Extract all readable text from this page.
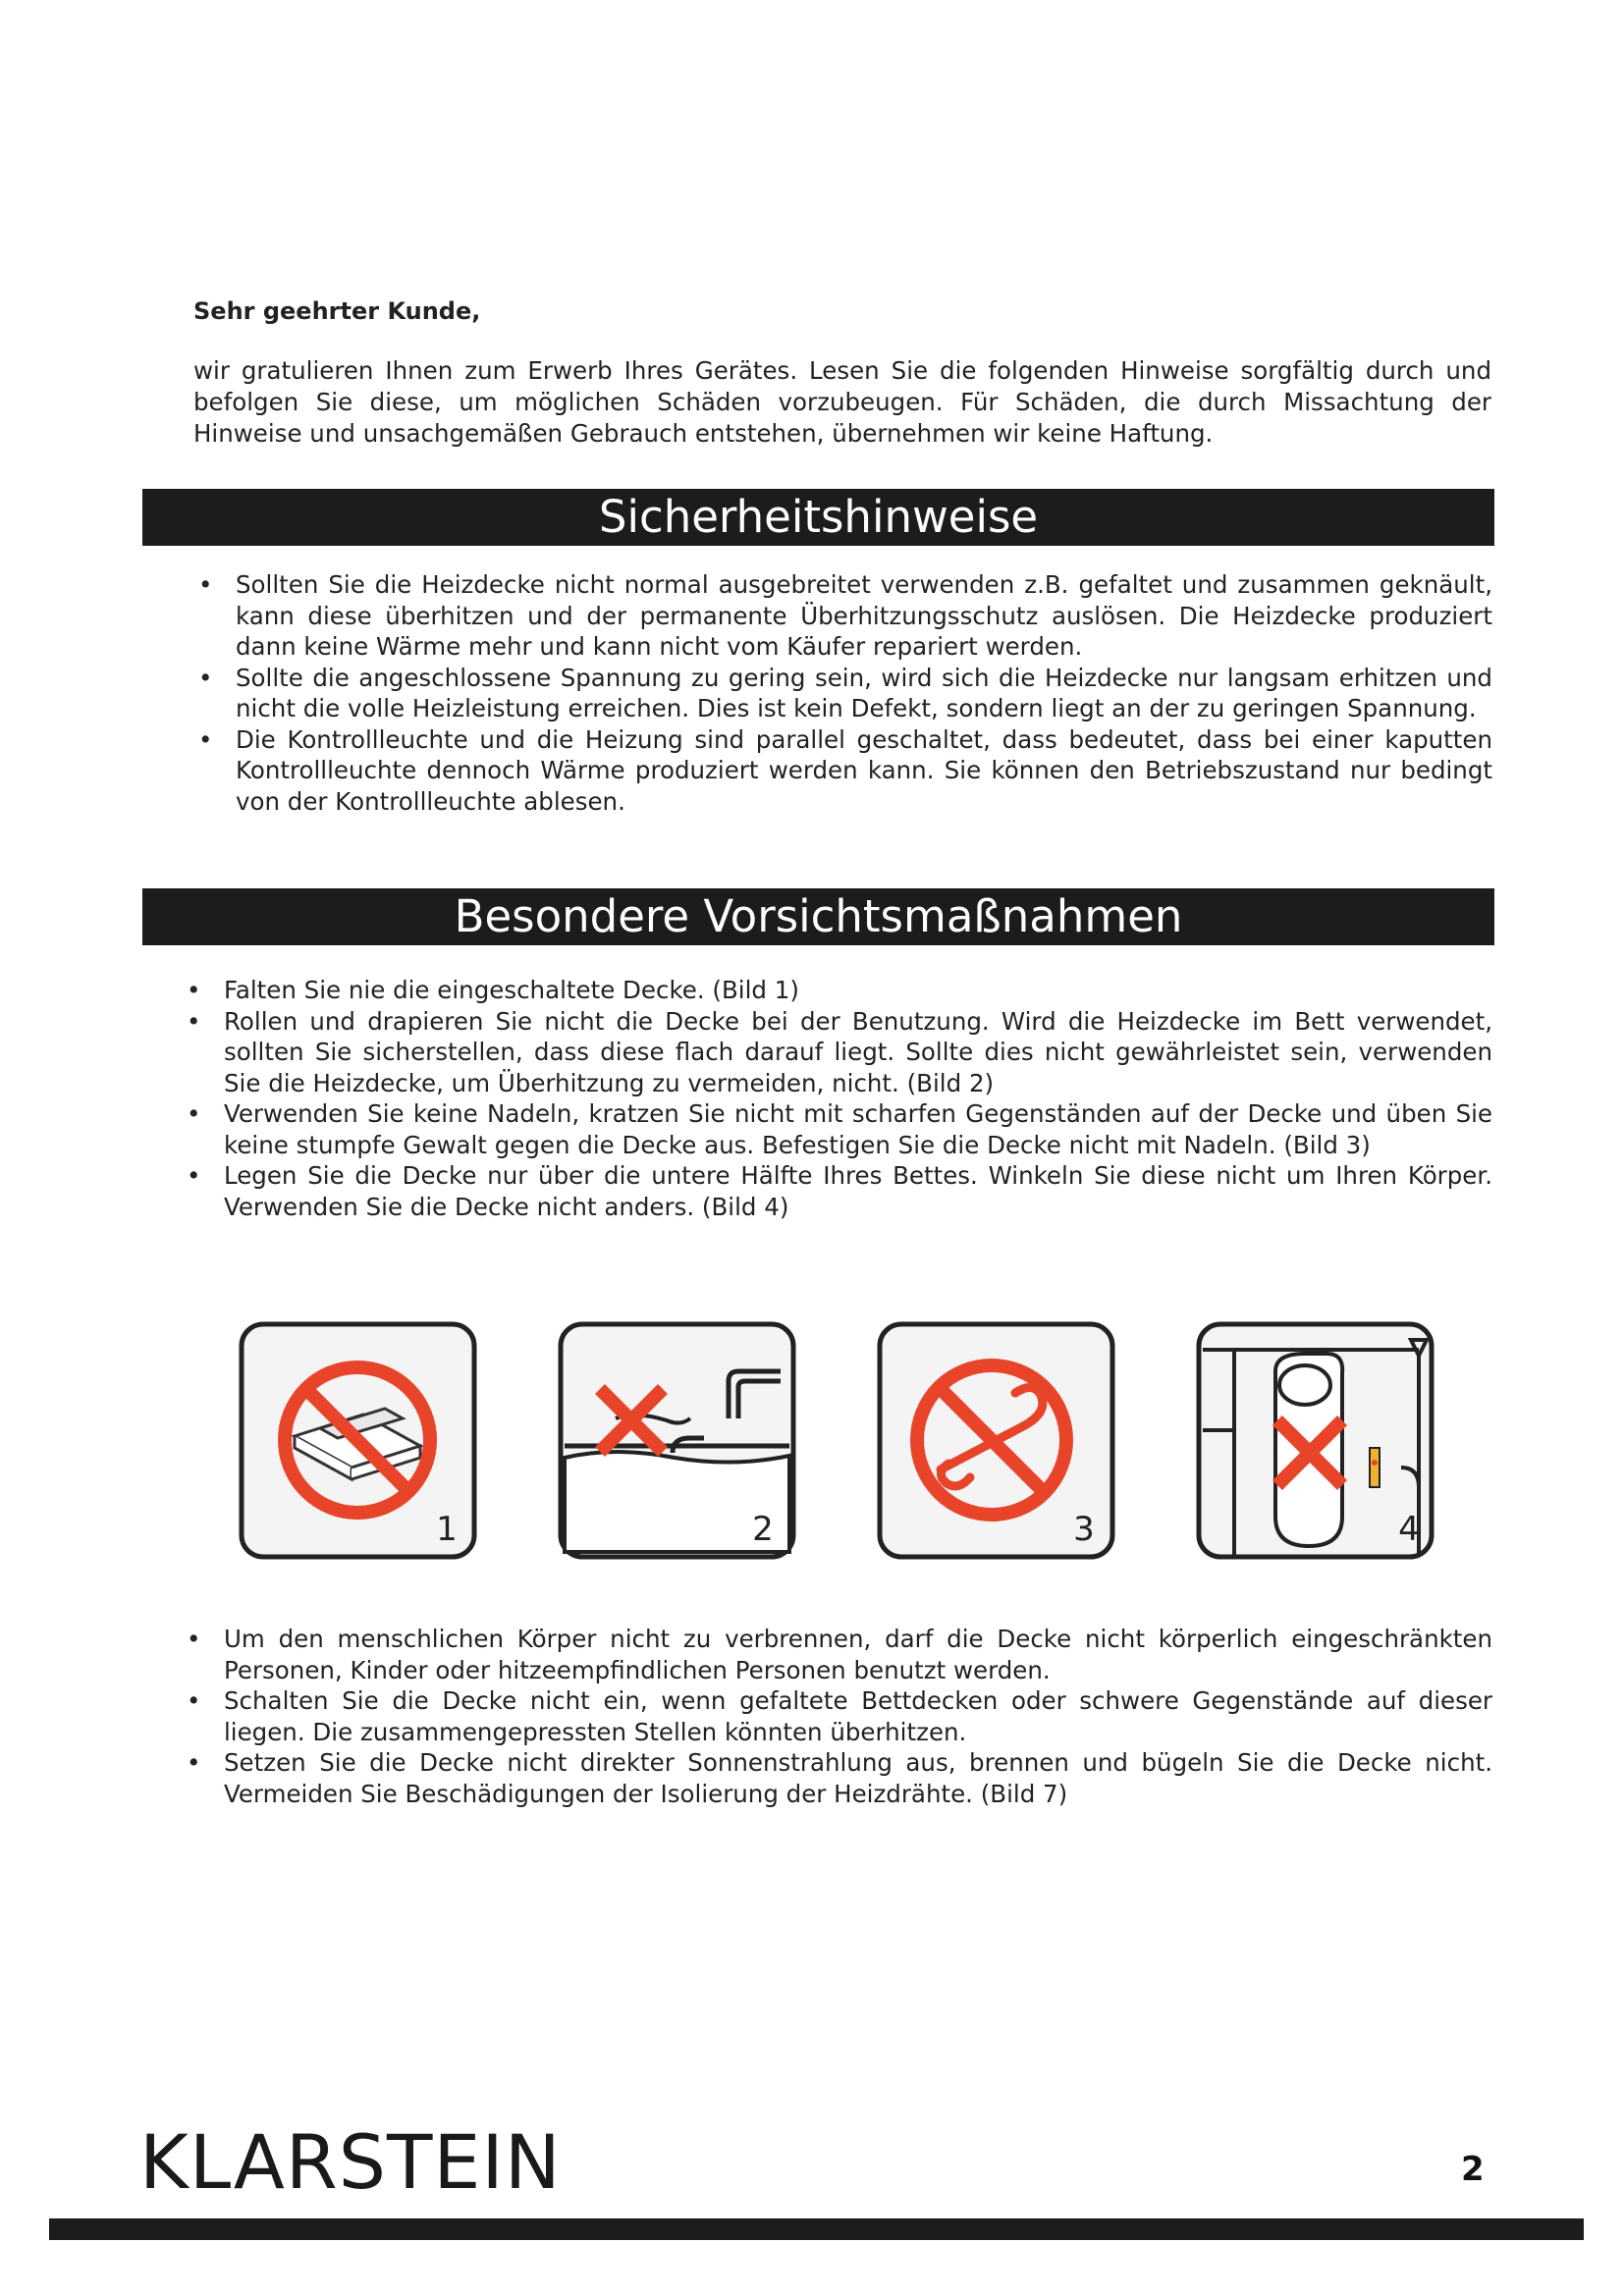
Sehr geehrter Kunde,

wir gratulieren Ihnen zum Erwerb Ihres Gerätes. Lesen Sie die folgenden Hinweise sorgfältig durch und befolgen Sie diese, um möglichen Schäden vorzubeugen. Für Schäden, die durch Missachtung der Hinweise und unsachgemäßen Gebrauch entstehen, übernehmen wir keine Haftung.

Sicherheitshinweise
• Sollten Sie die Heizdecke nicht normal ausgebreitet verwenden z.B. gefaltet und zusammen geknäult, kann diese überhitzen und der permanente Überhitzungsschutz auslösen. Die Heizdecke produziert dann keine Wärme mehr und kann nicht vom Käufer repariert werden.
• Sollte die angeschlossene Spannung zu gering sein, wird sich die Heizdecke nur langsam erhitzen und nicht die volle Heizleistung erreichen. Dies ist kein Defekt, sondern liegt an der zu geringen Spannung.
• Die Kontrollleuchte und die Heizung sind parallel geschaltet, dass bedeutet, dass bei einer kaputten Kontrollleuchte dennoch Wärme produziert werden kann. Sie können den Betriebszustand nur bedingt von der Kontrollleuchte ablesen.
Besondere Vorsichtsmaßnahmen
• Falten Sie nie die eingeschaltete Decke. (Bild 1)
• Rollen und drapieren Sie nicht die Decke bei der Benutzung. Wird die Heizdecke im Bett verwendet, sollten Sie sicherstellen, dass diese flach darauf liegt. Sollte dies nicht gewährleistet sein, verwenden Sie die Heizdecke, um Überhitzung zu vermeiden, nicht. (Bild 2)
• Verwenden Sie keine Nadeln, kratzen Sie nicht mit scharfen Gegenständen auf der Decke und üben Sie keine stumpfe Gewalt gegen die Decke aus. Befestigen Sie die Decke nicht mit Nadeln. (Bild 3)
• Legen Sie die Decke nur über die untere Hälfte Ihres Bettes. Winkeln Sie diese nicht um Ihren Körper. Verwenden Sie die Decke nicht anders. (Bild 4)
1	2	3	4
• Um den menschlichen Körper nicht zu verbrennen, darf die Decke nicht körperlich eingeschränkten Personen, Kinder oder hitzeempfindlichen Personen benutzt werden.
• Schalten Sie die Decke nicht ein, wenn gefaltete Bettdecken oder schwere Gegenstände auf dieser liegen. Die zusammengepressten Stellen könnten überhitzen.
• Setzen Sie die Decke nicht direkter Sonnenstrahlung aus, brennen und bügeln Sie die Decke nicht. Vermeiden Sie Beschädigungen der Isolierung der Heizdrähte. (Bild 7)

KLARSTEIN	2
